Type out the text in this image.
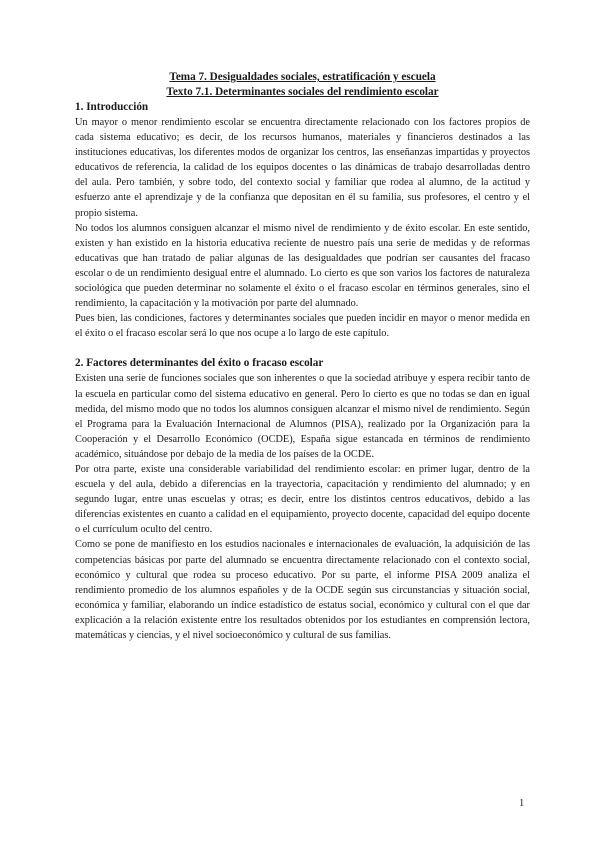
Tema 7. Desigualdades sociales, estratificación y escuela
Texto 7.1. Determinantes sociales del rendimiento escolar
1. Introducción

Un mayor o menor rendimiento escolar se encuentra directamente relacionado con los factores propios de cada sistema educativo; es decir, de los recursos humanos, materiales y financieros destinados a las instituciones educativas, los diferentes modos de organizar los centros, las enseñanzas impartidas y proyectos educativos de referencia, la calidad de los equipos docentes o las dinámicas de trabajo desarrolladas dentro del aula. Pero también, y sobre todo, del contexto social y familiar que rodea al alumno, de la actitud y esfuerzo ante el aprendizaje y de la confianza que depositan en él su familia, sus profesores, el centro y el propio sistema.

No todos los alumnos consiguen alcanzar el mismo nivel de rendimiento y de éxito escolar. En este sentido, existen y han existido en la historia educativa reciente de nuestro país una serie de medidas y de reformas educativas que han tratado de paliar algunas de las desigualdades que podrían ser causantes del fracaso escolar o de un rendimiento desigual entre el alumnado. Lo cierto es que son varios los factores de naturaleza sociológica que pueden determinar no solamente el éxito o el fracaso escolar en términos generales, sino el rendimiento, la capacitación y la motivación por parte del alumnado.

Pues bien, las condiciones, factores y determinantes sociales que pueden incidir en mayor o menor medida en el éxito o el fracaso escolar será lo que nos ocupe a lo largo de este capítulo.

2. Factores determinantes del éxito o fracaso escolar

Existen una serie de funciones sociales que son inherentes o que la sociedad atribuye y espera recibir tanto de la escuela en particular como del sistema educativo en general. Pero lo cierto es que no todas se dan en igual medida, del mismo modo que no todos los alumnos consiguen alcanzar el mismo nivel de rendimiento. Según el Programa para la Evaluación Internacional de Alumnos (PISA), realizado por la Organización para la Cooperación y el Desarrollo Económico (OCDE), España sigue estancada en términos de rendimiento académico, situándose por debajo de la media de los países de la OCDE.

Por otra parte, existe una considerable variabilidad del rendimiento escolar: en primer lugar, dentro de la escuela y del aula, debido a diferencias en la trayectoria, capacitación y rendimiento del alumnado; y en segundo lugar, entre unas escuelas y otras; es decir, entre los distintos centros educativos, debido a las diferencias existentes en cuanto a calidad en el equipamiento, proyecto docente, capacidad del equipo docente o el currículum oculto del centro.

Como se pone de manifiesto en los estudios nacionales e internacionales de evaluación, la adquisición de las competencias básicas por parte del alumnado se encuentra directamente relacionado con el contexto social, económico y cultural que rodea su proceso educativo. Por su parte, el informe PISA 2009 analiza el rendimiento promedio de los alumnos españoles y de la OCDE según sus circunstancias y situación social, económica y familiar, elaborando un índice estadístico de estatus social, económico y cultural con el que dar explicación a la relación existente entre los resultados obtenidos por los estudiantes en comprensión lectora, matemáticas y ciencias, y el nivel socioeconómico y cultural de sus familias.

1
